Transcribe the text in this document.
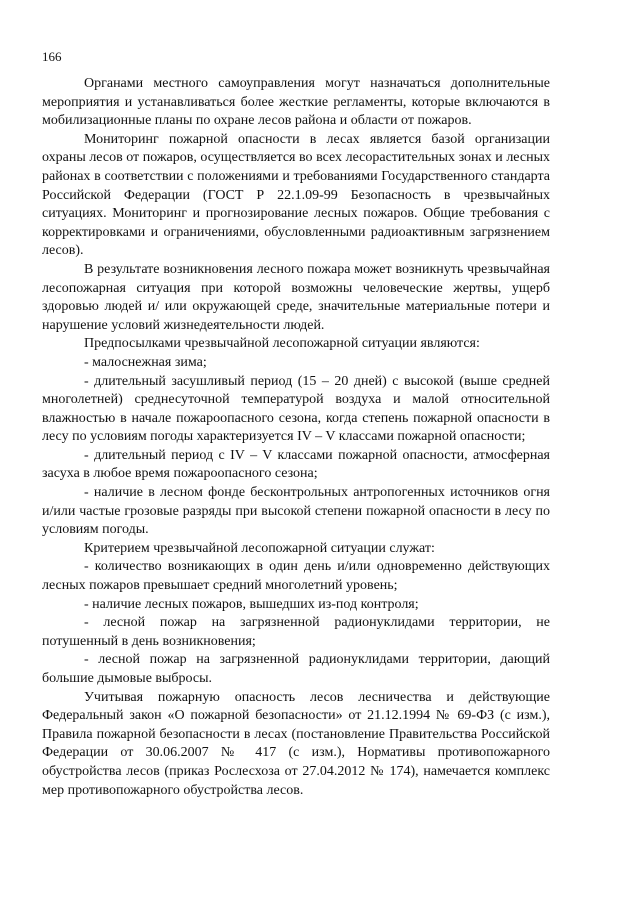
166

Органами местного самоуправления могут назначаться дополнительные мероприятия и устанавливаться более жесткие регламенты, которые включаются в мобилизационные планы по охране лесов района и области от пожаров.

Мониторинг пожарной опасности в лесах является базой организации охраны лесов от пожаров, осуществляется во всех лесорастительных зонах и лесных районах в соответствии с положениями и требованиями Государственного стандарта Российской Федерации (ГОСТ Р 22.1.09-99 Безопасность в чрезвычайных ситуациях. Мониторинг и прогнозирование лесных пожаров. Общие требования с корректировками и ограничениями, обусловленными радиоактивным загрязнением лесов).

В результате возникновения лесного пожара может возникнуть чрезвычайная лесопожарная ситуация при которой возможны человеческие жертвы, ущерб здоровью людей и/ или окружающей среде, значительные материальные потери и нарушение условий жизнедеятельности людей.

Предпосылками чрезвычайной лесопожарной ситуации являются:

- малоснежная зима;

- длительный засушливый период (15 – 20 дней) с высокой (выше средней многолетней) среднесуточной температурой воздуха и малой относительной влажностью в начале пожароопасного сезона, когда степень пожарной опасности в лесу по условиям погоды характеризуется IV – V классами пожарной опасности;

- длительный период с IV – V классами пожарной опасности, атмосферная засуха в любое время пожароопасного сезона;

- наличие в лесном фонде бесконтрольных антропогенных источников огня и/или частые грозовые разряды при высокой степени пожарной опасности в лесу по условиям погоды.

Критерием чрезвычайной лесопожарной ситуации служат:

- количество возникающих в один день и/или одновременно действующих лесных пожаров превышает средний многолетний уровень;

- наличие лесных пожаров, вышедших из-под контроля;

- лесной пожар на загрязненной радионуклидами территории, не потушенный в день возникновения;

- лесной пожар на загрязненной радионуклидами территории, дающий большие дымовые выбросы.

Учитывая пожарную опасность лесов лесничества и действующие Федеральный закон «О пожарной безопасности» от 21.12.1994 № 69-ФЗ (с изм.), Правила пожарной безопасности в лесах (постановление Правительства Российской Федерации от 30.06.2007 № 417 (с изм.), Нормативы противопожарного обустройства лесов (приказ Рослесхоза от 27.04.2012 № 174), намечается комплекс мер противопожарного обустройства лесов.
